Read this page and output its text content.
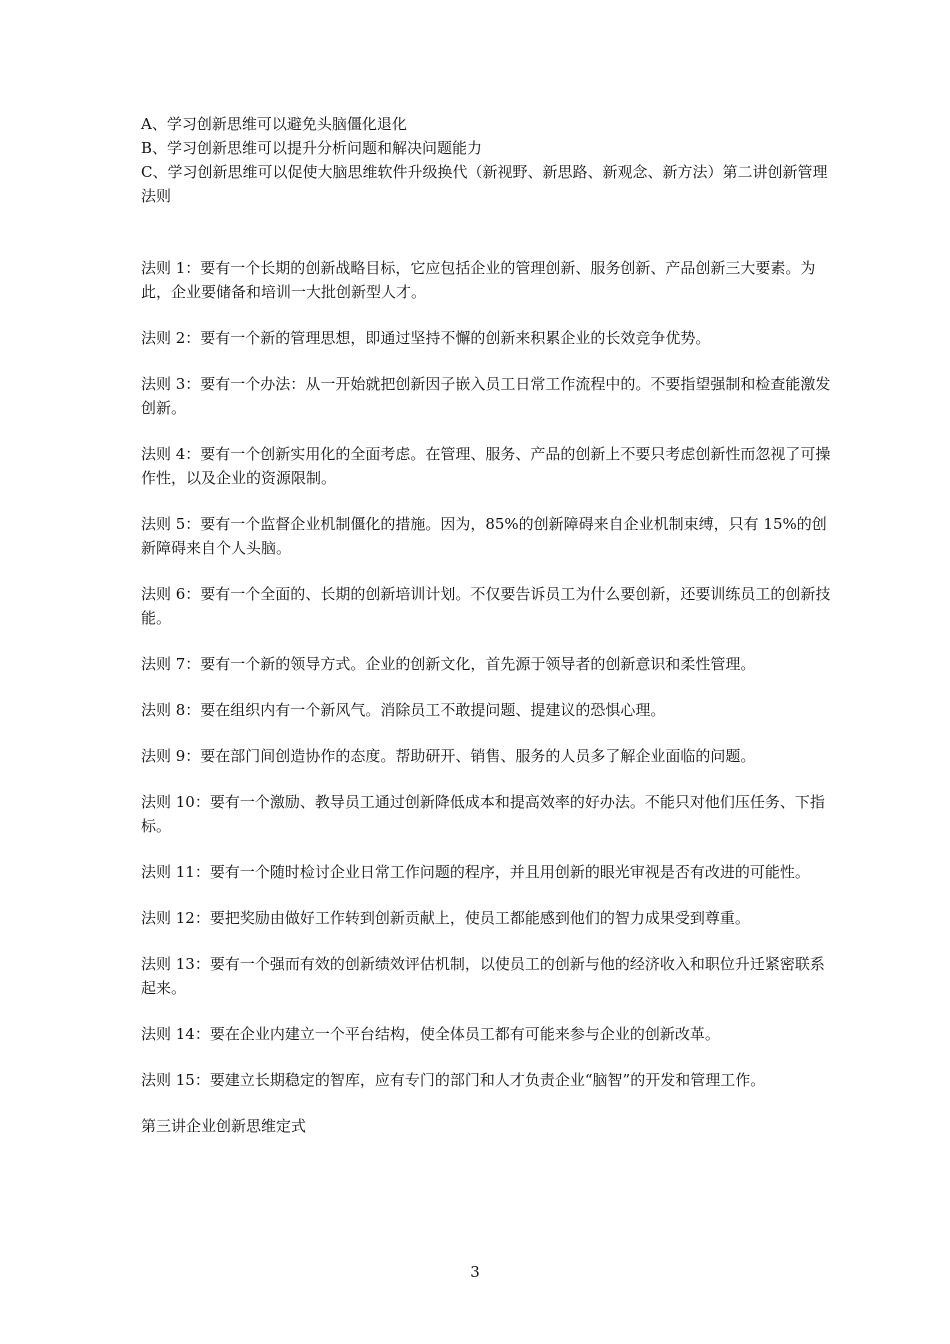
A、学习创新思维可以避免头脑僵化退化

B、学习创新思维可以提升分析问题和解决问题能力

C、学习创新思维可以促使大脑思维软件升级换代（新视野、新思路、新观念、新方法）第二讲创新管理法则

法则 1：要有一个长期的创新战略目标，它应包括企业的管理创新、服务创新、产品创新三大要素。为此，企业要储备和培训一大批创新型人才。

法则 2：要有一个新的管理思想，即通过坚持不懈的创新来积累企业的长效竞争优势。

法则 3：要有一个办法：从一开始就把创新因子嵌入员工日常工作流程中的。不要指望强制和检查能激发创新。

法则 4：要有一个创新实用化的全面考虑。在管理、服务、产品的创新上不要只考虑创新性而忽视了可操作性，以及企业的资源限制。

法则 5：要有一个监督企业机制僵化的措施。因为，85%的创新障碍来自企业机制束缚，只有 15%的创新障碍来自个人头脑。

法则 6：要有一个全面的、长期的创新培训计划。不仅要告诉员工为什么要创新，还要训练员工的创新技能。

法则 7：要有一个新的领导方式。企业的创新文化，首先源于领导者的创新意识和柔性管理。

法则 8：要在组织内有一个新风气。消除员工不敢提问题、提建议的恐惧心理。

法则 9：要在部门间创造协作的态度。帮助研开、销售、服务的人员多了解企业面临的问题。

法则 10：要有一个激励、教导员工通过创新降低成本和提高效率的好办法。不能只对他们压任务、下指标。

法则 11：要有一个随时检讨企业日常工作问题的程序，并且用创新的眼光审视是否有改进的可能性。

法则 12：要把奖励由做好工作转到创新贡献上，使员工都能感到他们的智力成果受到尊重。

法则 13：要有一个强而有效的创新绩效评估机制，以使员工的创新与他的经济收入和职位升迁紧密联系起来。

法则 14：要在企业内建立一个平台结构，使全体员工都有可能来参与企业的创新改革。

法则 15：要建立长期稳定的智库，应有专门的部门和人才负责企业“脑智”的开发和管理工作。

第三讲企业创新思维定式

3
